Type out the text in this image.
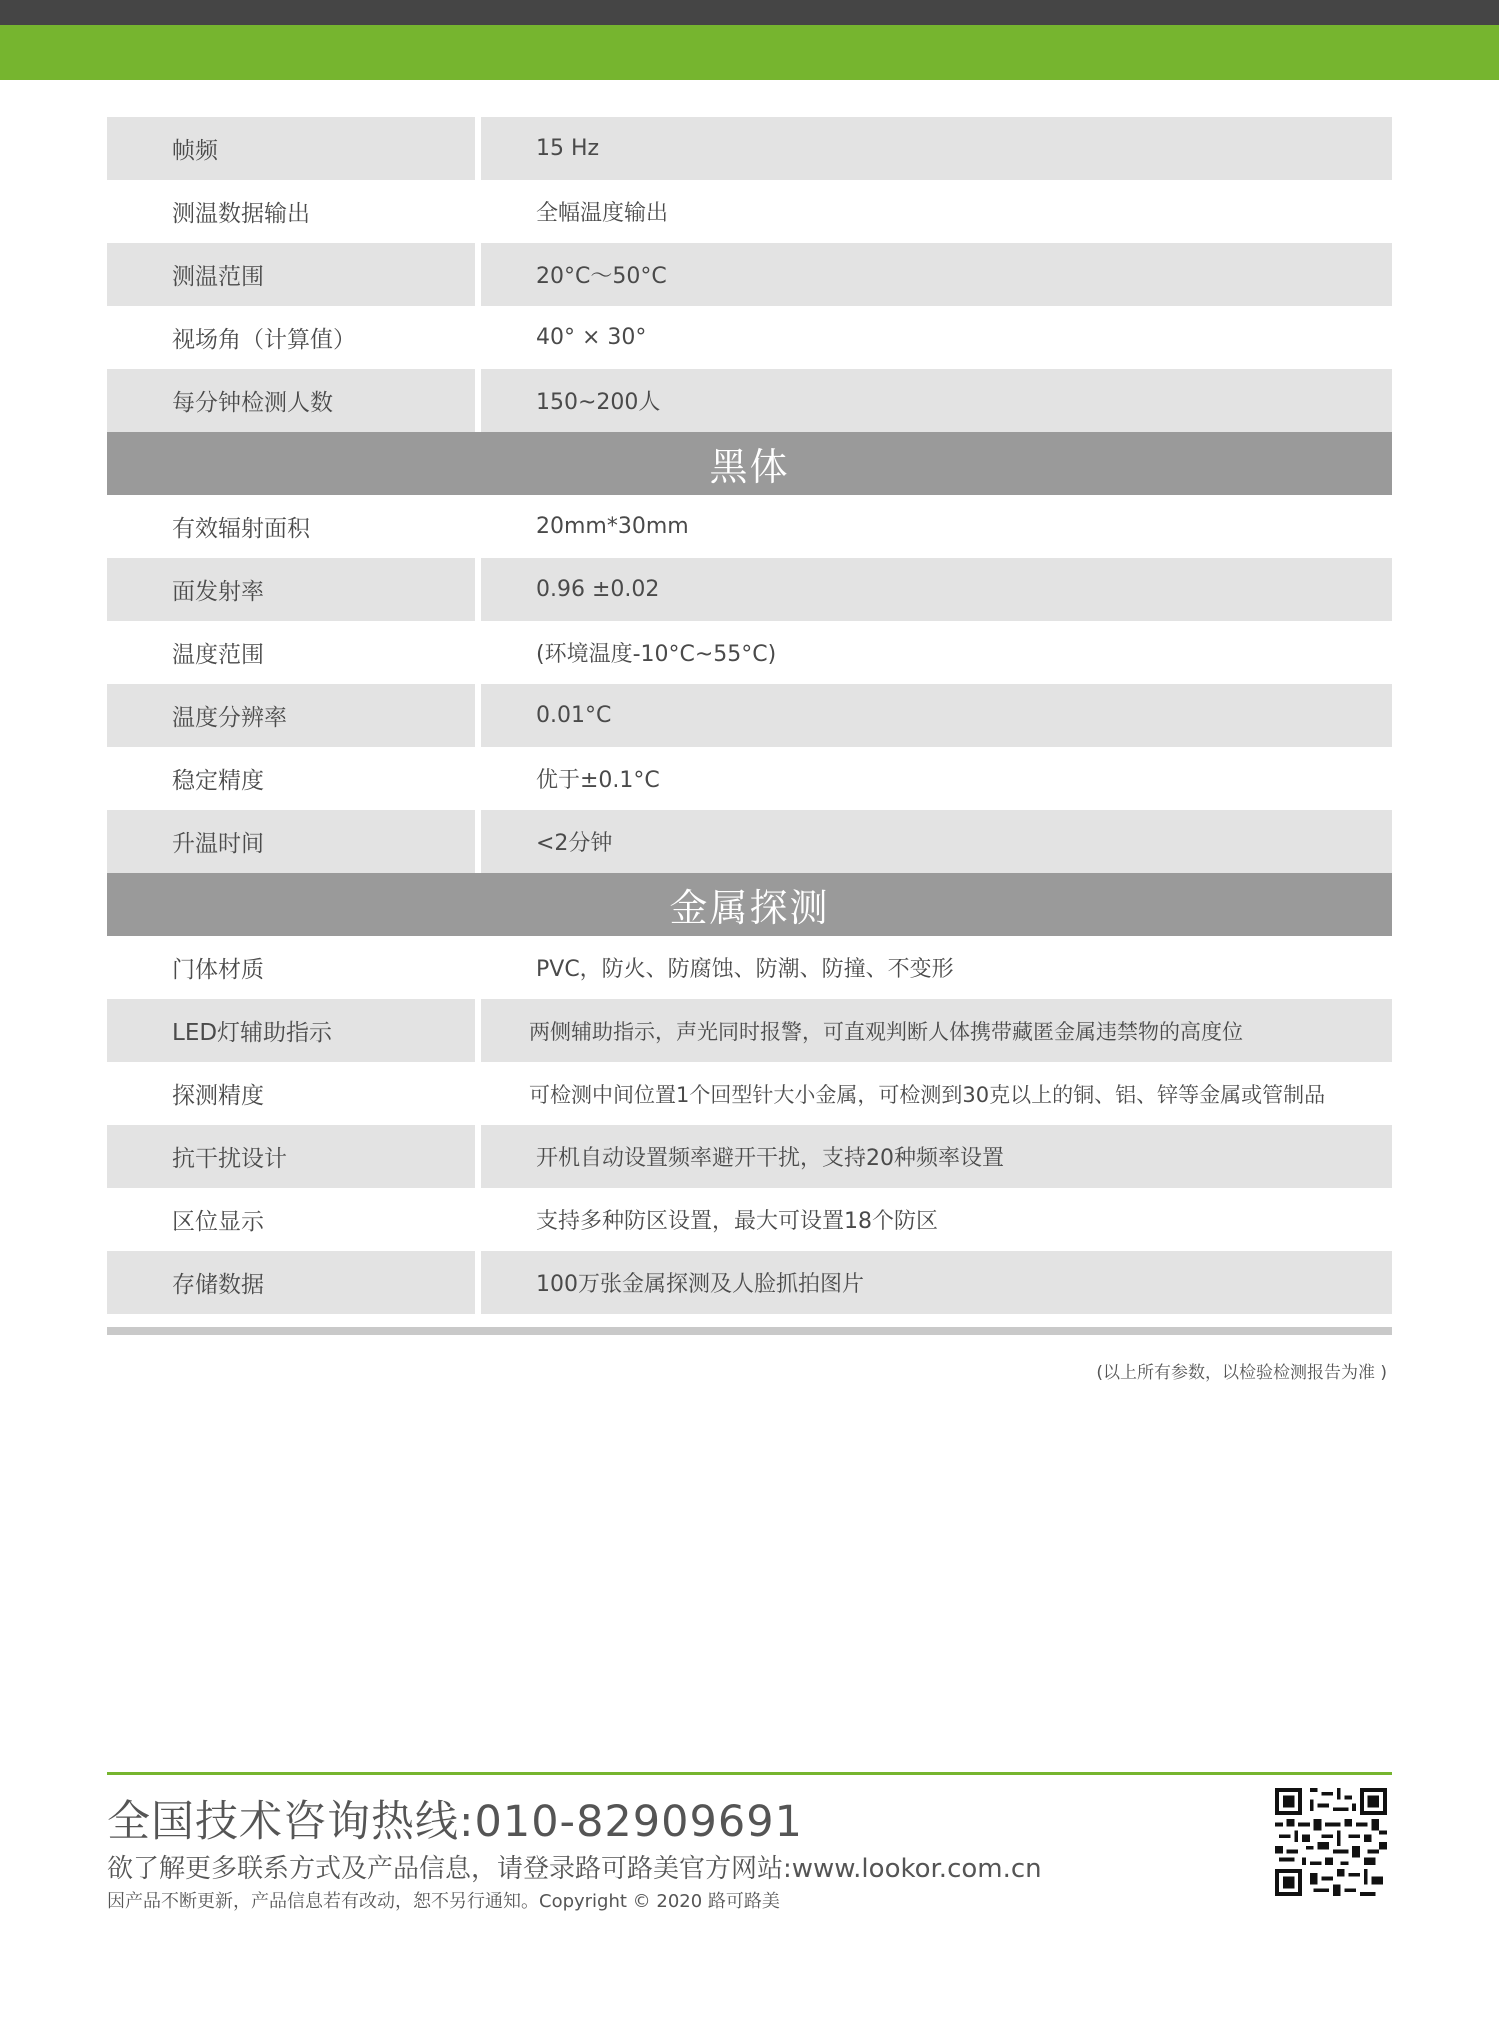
帧频	15 Hz
测温数据输出	全幅温度输出
测温范围	20°C～50°C
视场角（计算值）	40° × 30°
每分钟检测人数	150~200人
黑体
有效辐射面积	20mm*30mm
面发射率	0.96 ±0.02
温度范围	(环境温度-10°C~55°C)
温度分辨率	0.01°C
稳定精度	优于±0.1°C
升温时间	<2分钟
金属探测
门体材质	PVC，防火、防腐蚀、防潮、防撞、不变形
LED灯辅助指示	两侧辅助指示，声光同时报警，可直观判断人体携带藏匿金属违禁物的高度位
探测精度	可检测中间位置1个回型针大小金属，可检测到30克以上的铜、铝、锌等金属或管制品
抗干扰设计	开机自动设置频率避开干扰，支持20种频率设置
区位显示	支持多种防区设置，最大可设置18个防区
存储数据	100万张金属探测及人脸抓拍图片
(以上所有参数，以检验检测报告为准 )
全国技术咨询热线:010-82909691
欲了解更多联系方式及产品信息，请登录路可路美官方网站:www.lookor.com.cn
因产品不断更新，产品信息若有改动，恕不另行通知。Copyright © 2020 路可路美
